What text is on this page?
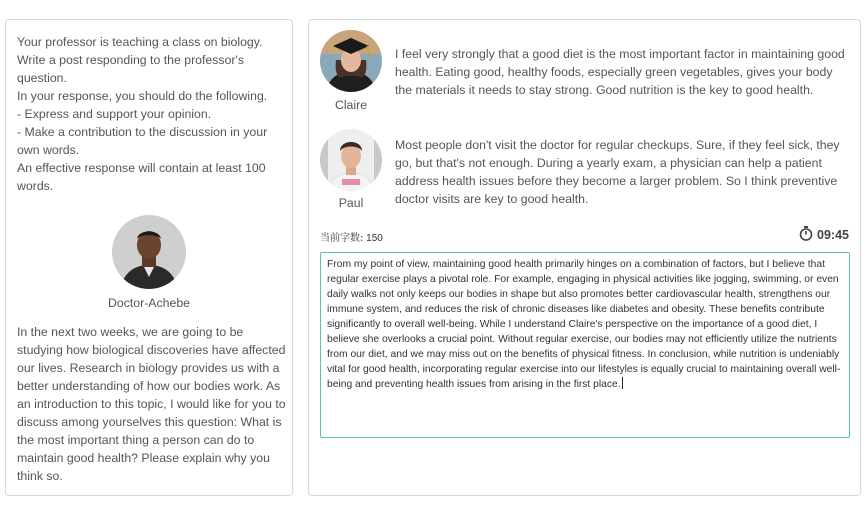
Your professor is teaching a class on biology. Write a post responding to the professor's question.

In your response, you should do the following.

- Express and support your opinion.

- Make a contribution to the discussion in your own words.

An effective response will contain at least 100 words.

Doctor-Achebe
In the next two weeks, we are going to be studying how biological discoveries have affected our lives. Research in biology provides us with a better understanding of how our bodies work. As an introduction to this topic, I would like for you to discuss among yourselves this question: What is the most important thing a person can do to maintain good health? Please explain why you think so.
Claire
I feel very strongly that a good diet is the most important factor in maintaining good health. Eating good, healthy foods, especially green vegetables, gives your body the materials it needs to stay strong. Good nutrition is the key to good health.
Paul
Most people don't visit the doctor for regular checkups. Sure, if they feel sick, they go, but that's not enough. During a yearly exam, a physician can help a patient address health issues before they become a larger problem. So I think preventive doctor visits are key to good health.
当前字数: 150	09:45
From my point of view, maintaining good health primarily hinges on a combination of factors, but I believe that regular exercise plays a pivotal role. For example, engaging in physical activities like jogging, swimming, or even daily walks not only keeps our bodies in shape but also promotes better cardiovascular health, strengthens our immune system, and reduces the risk of chronic diseases like diabetes and obesity. These benefits contribute significantly to overall well-being. While I understand Claire's perspective on the importance of a good diet, I believe she overlooks a crucial point. Without regular exercise, our bodies may not efficiently utilize the nutrients from our diet, and we may miss out on the benefits of physical fitness. In conclusion, while nutrition is undeniably vital for good health, incorporating regular exercise into our lifestyles is equally crucial to maintaining overall well-being and preventing health issues from arising in the first place.
